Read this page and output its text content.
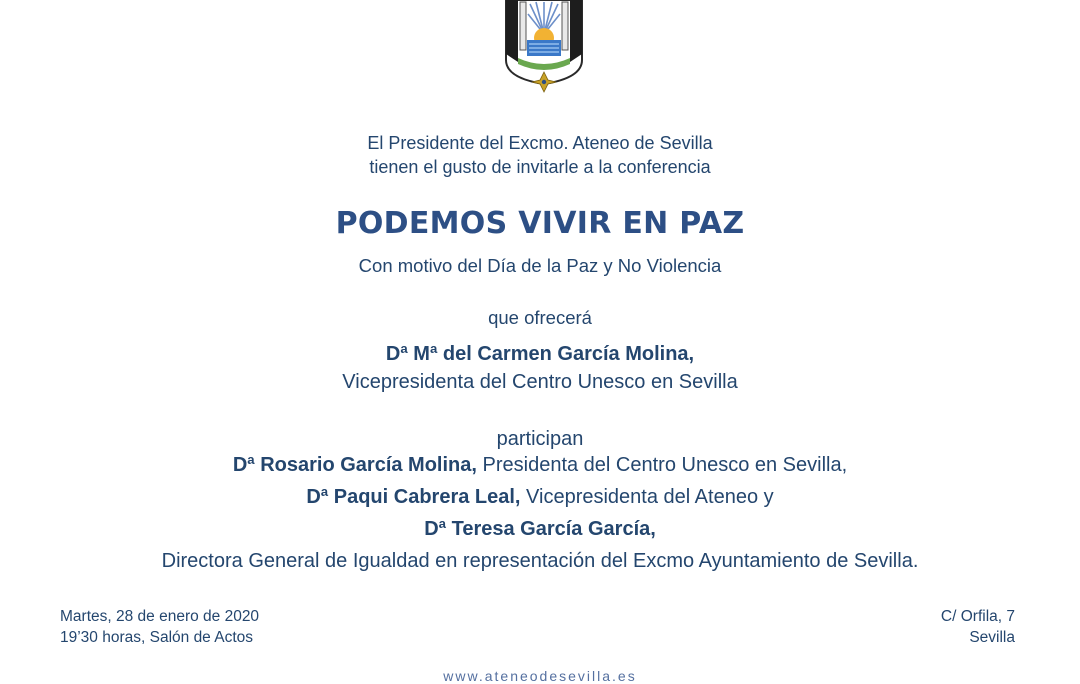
El Presidente del Excmo. Ateneo de Sevilla
tienen el gusto de invitarle a la conferencia
PODEMOS VIVIR EN PAZ
Con motivo del Día de la Paz y No Violencia
que ofrecerá
Dª Mª del Carmen García Molina,
Vicepresidenta del Centro Unesco en Sevilla
participan
Dª Rosario García Molina, Presidenta del Centro Unesco en Sevilla,
Dª Paqui Cabrera Leal, Vicepresidenta del Ateneo y
Dª Teresa García García,
Directora General de Igualdad en representación del Excmo Ayuntamiento de Sevilla.
Martes, 28 de enero de 2020
19’30 horas, Salón de Actos
C/ Orfila, 7
Sevilla
www.ateneodesevilla.es
